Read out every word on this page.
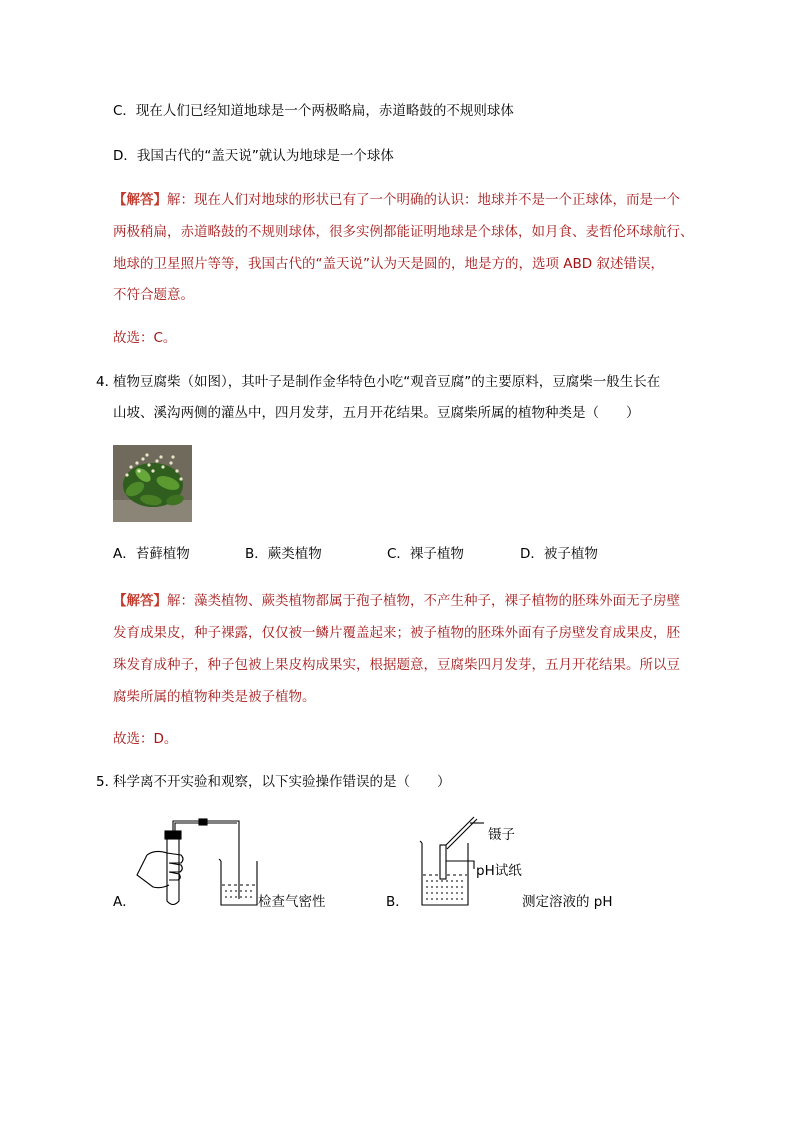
C．现在人们已经知道地球是一个两极略扁，赤道略鼓的不规则球体
D．我国古代的“盖天说”就认为地球是一个球体
【解答】解：现在人们对地球的形状已有了一个明确的认识：地球并不是一个正球体，而是一个
两极稍扁，赤道略鼓的不规则球体，很多实例都能证明地球是个球体，如月食、麦哲伦环球航行、
地球的卫星照片等等，我国古代的“盖天说”认为天是圆的，地是方的，选项 ABD 叙述错误，
不符合题意。
故选：C。
4．
植物豆腐柴（如图），其叶子是制作金华特色小吃“观音豆腐”的主要原料，豆腐柴一般生长在
山坡、溪沟两侧的灌丛中，四月发芽，五月开花结果。豆腐柴所属的植物种类是（　　）
A．苔藓植物	B．蕨类植物	C．裸子植物	D．被子植物
【解答】解：藻类植物、蕨类植物都属于孢子植物，不产生种子，裸子植物的胚珠外面无子房壁
发育成果皮，种子裸露，仅仅被一鳞片覆盖起来；被子植物的胚珠外面有子房壁发育成果皮，胚
珠发育成种子，种子包被上果皮构成果实，根据题意，豆腐柴四月发芽，五月开花结果。所以豆
腐柴所属的植物种类是被子植物。
故选：D。
5．
科学离不开实验和观察，以下实验操作错误的是（　　）
A．	检查气密性
镊子
pH试纸
B．	测定溶液的 pH
